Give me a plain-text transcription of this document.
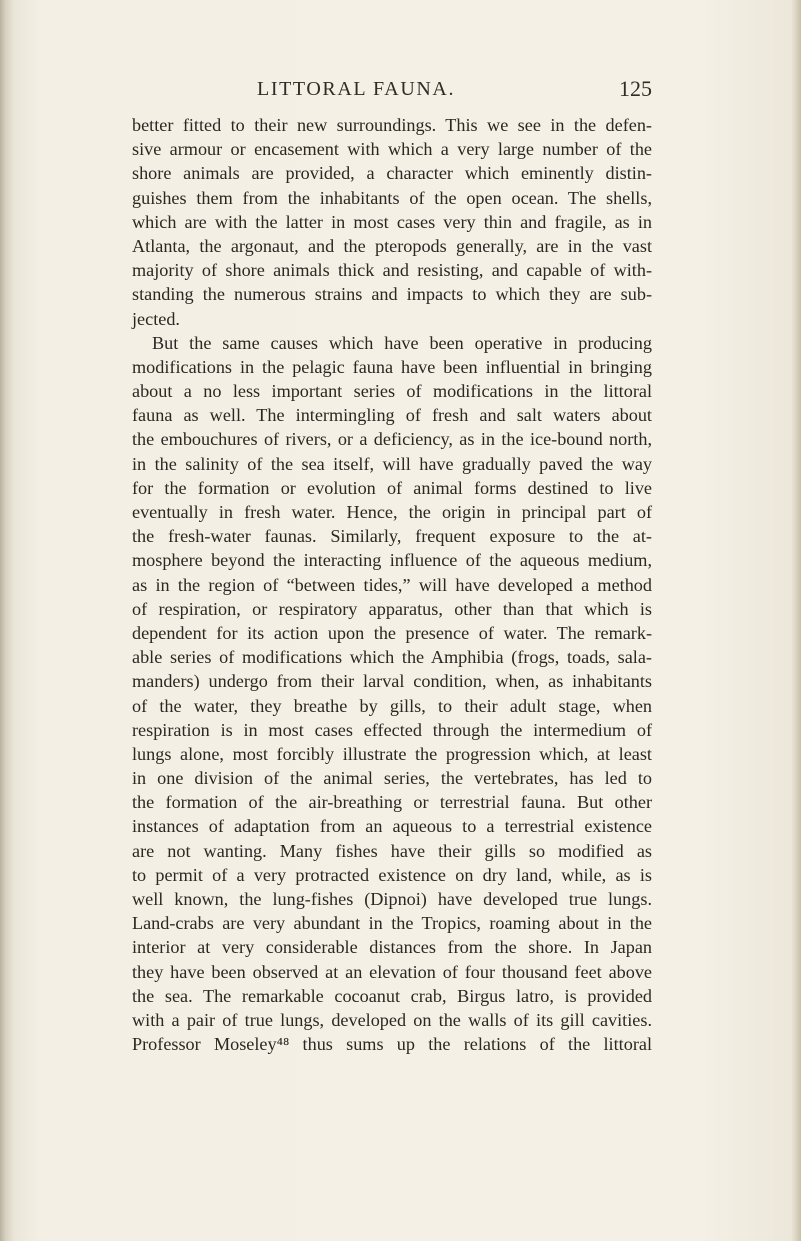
LITTORAL FAUNA.	125
better fitted to their new surroundings. This we see in the defen-
sive armour or encasement with which a very large number of the
shore animals are provided, a character which eminently distin-
guishes them from the inhabitants of the open ocean. The shells,
which are with the latter in most cases very thin and fragile, as in
Atlanta, the argonaut, and the pteropods generally, are in the vast
majority of shore animals thick and resisting, and capable of with-
standing the numerous strains and impacts to which they are sub-
jected.
But the same causes which have been operative in producing
modifications in the pelagic fauna have been influential in bringing
about a no less important series of modifications in the littoral
fauna as well. The intermingling of fresh and salt waters about
the embouchures of rivers, or a deficiency, as in the ice-bound north,
in the salinity of the sea itself, will have gradually paved the way
for the formation or evolution of animal forms destined to live
eventually in fresh water. Hence, the origin in principal part of
the fresh-water faunas. Similarly, frequent exposure to the at-
mosphere beyond the interacting influence of the aqueous medium,
as in the region of “between tides,” will have developed a method
of respiration, or respiratory apparatus, other than that which is
dependent for its action upon the presence of water. The remark-
able series of modifications which the Amphibia (frogs, toads, sala-
manders) undergo from their larval condition, when, as inhabitants
of the water, they breathe by gills, to their adult stage, when
respiration is in most cases effected through the intermedium of
lungs alone, most forcibly illustrate the progression which, at least
in one division of the animal series, the vertebrates, has led to
the formation of the air-breathing or terrestrial fauna. But other
instances of adaptation from an aqueous to a terrestrial existence
are not wanting. Many fishes have their gills so modified as
to permit of a very protracted existence on dry land, while, as is
well known, the lung-fishes (Dipnoi) have developed true lungs.
Land-crabs are very abundant in the Tropics, roaming about in the
interior at very considerable distances from the shore. In Japan
they have been observed at an elevation of four thousand feet above
the sea. The remarkable cocoanut crab, Birgus latro, is provided
with a pair of true lungs, developed on the walls of its gill cavities.
Professor Moseley⁴⁸ thus sums up the relations of the littoral
